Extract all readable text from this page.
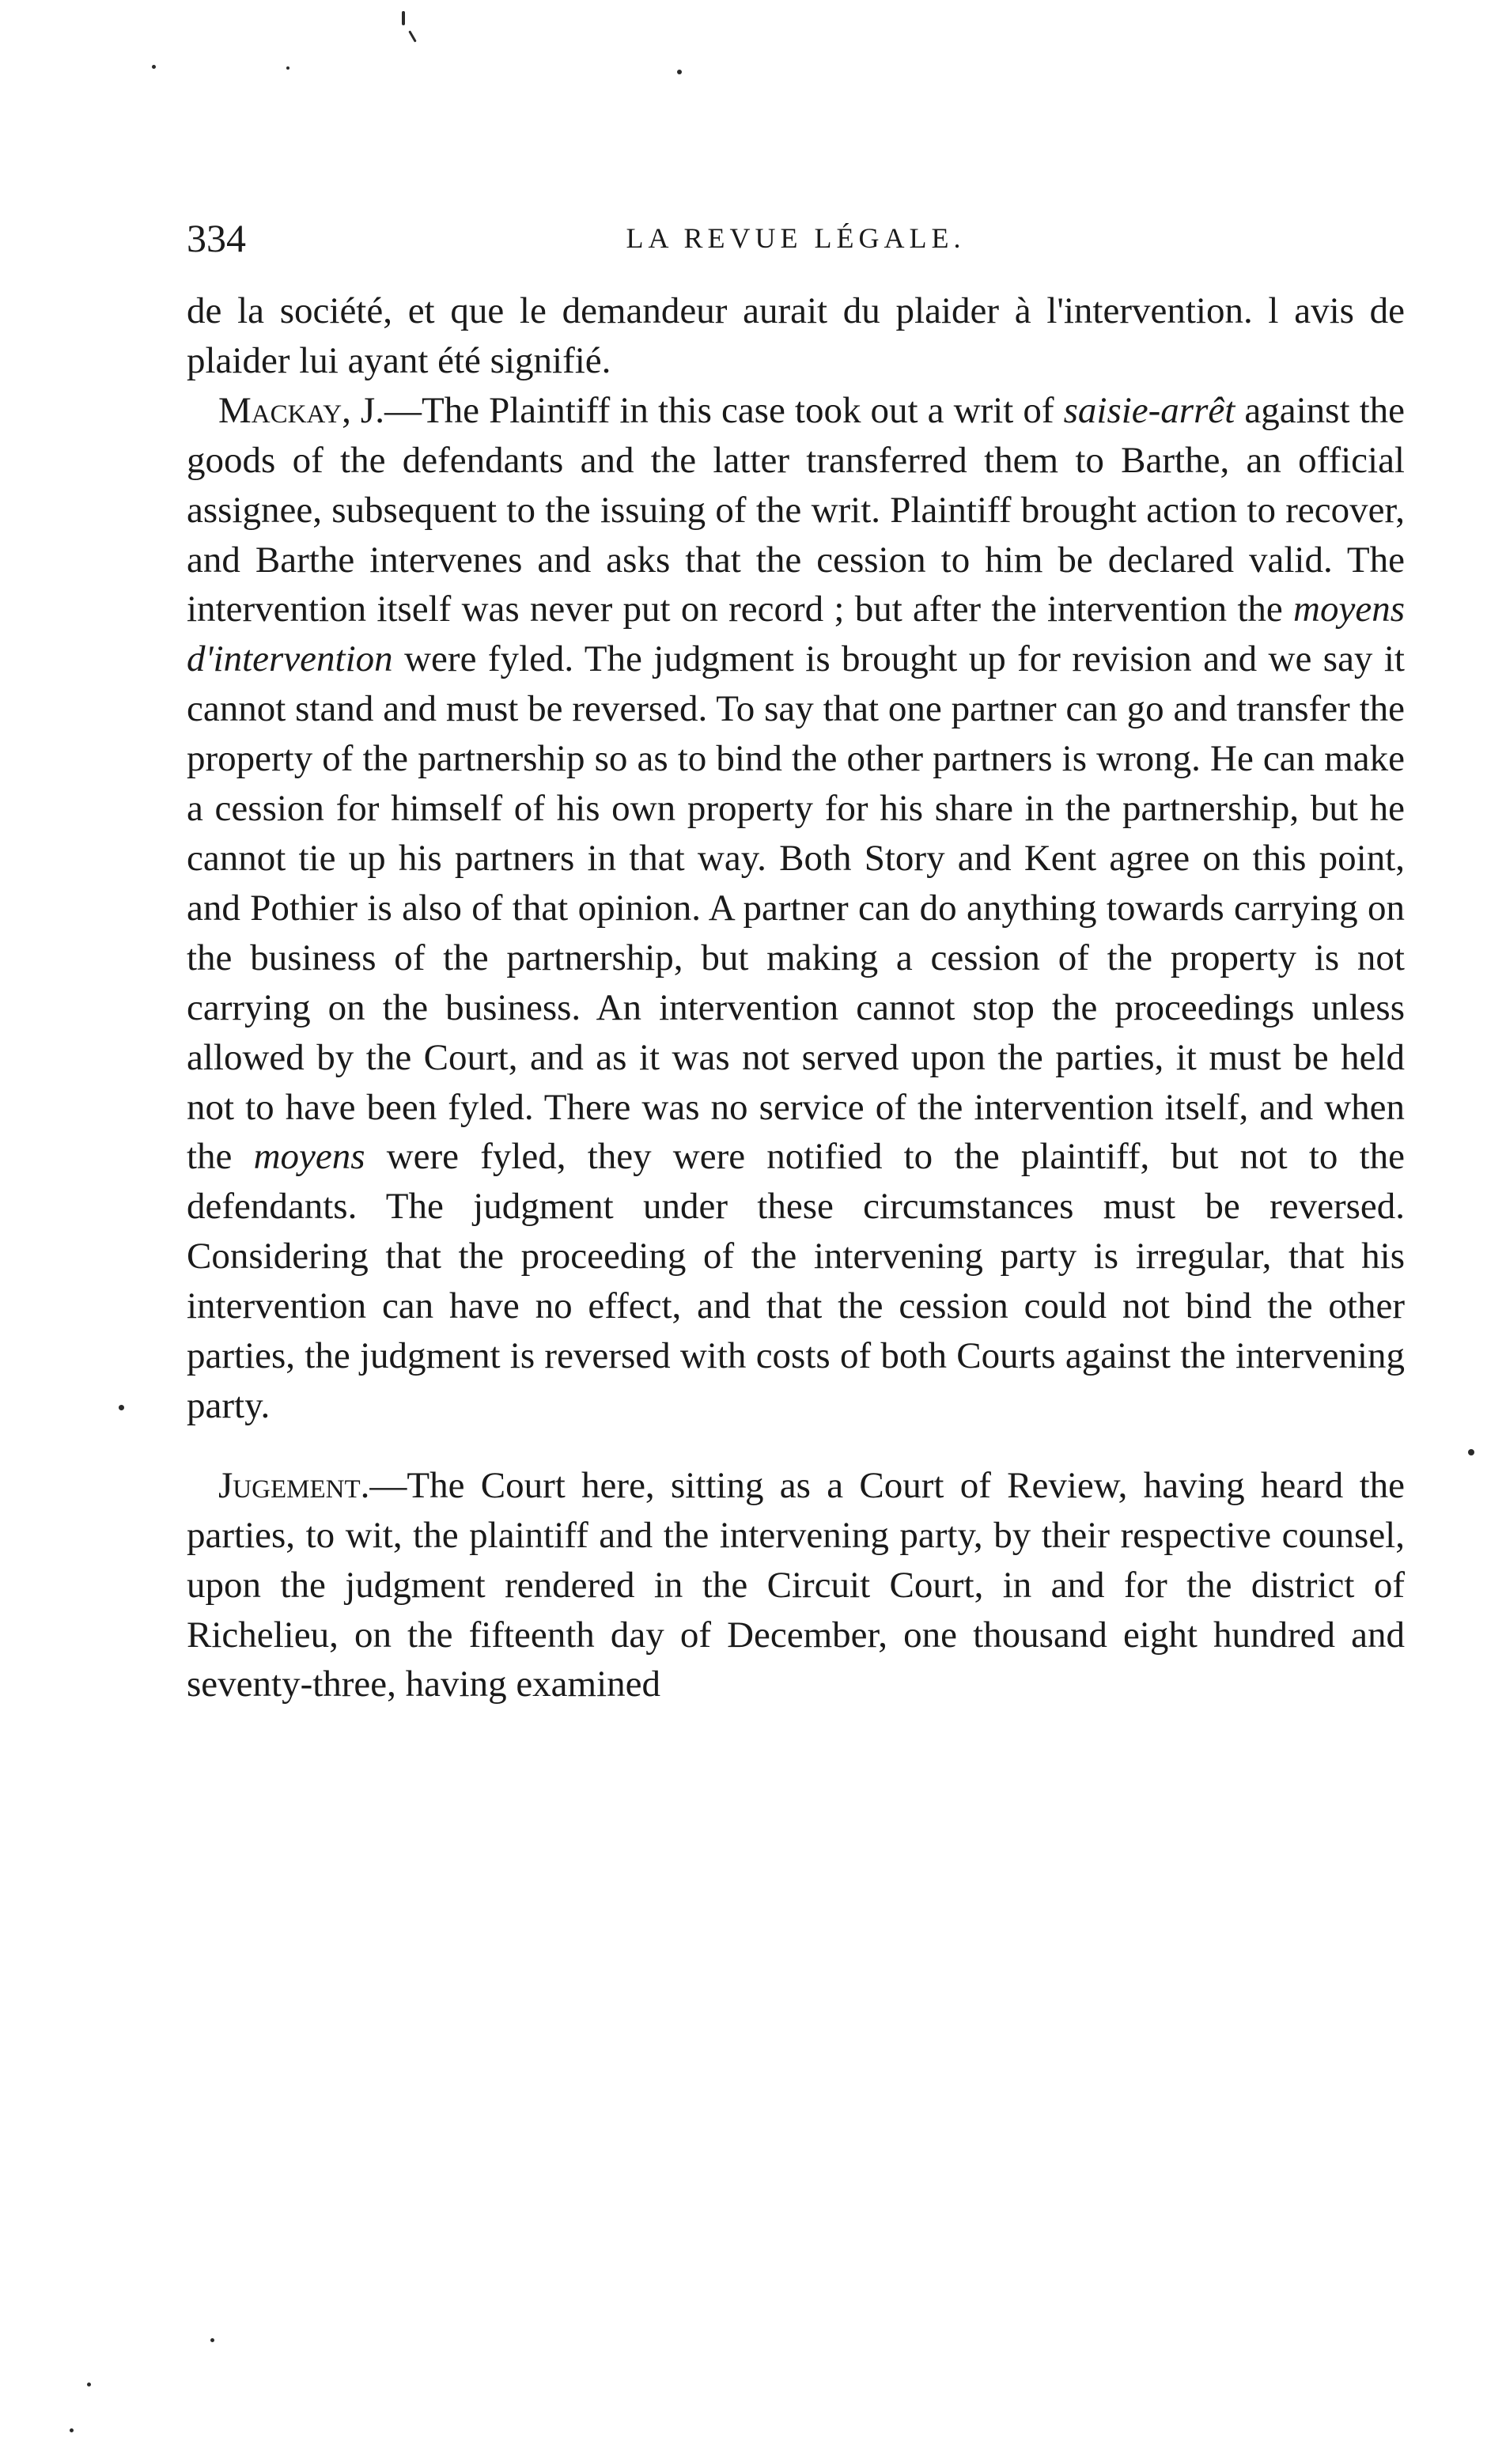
334	LA REVUE LÉGALE.

de la société, et que le demandeur aurait du plaider à l'intervention. l avis de plaider lui ayant été signifié.

Mackay, J.—The Plaintiff in this case took out a writ of saisie-arrêt against the goods of the defendants and the latter transferred them to Barthe, an official assignee, subsequent to the issuing of the writ. Plaintiff brought action to recover, and Barthe intervenes and asks that the cession to him be declared valid. The intervention itself was never put on record ; but after the intervention the moyens d'intervention were fyled. The judgment is brought up for revision and we say it cannot stand and must be reversed. To say that one partner can go and transfer the property of the partnership so as to bind the other partners is wrong. He can make a cession for himself of his own property for his share in the partnership, but he cannot tie up his partners in that way. Both Story and Kent agree on this point, and Pothier is also of that opinion. A partner can do anything towards carrying on the business of the partnership, but making a cession of the property is not carrying on the business. An intervention cannot stop the proceedings unless allowed by the Court, and as it was not served upon the parties, it must be held not to have been fyled. There was no service of the intervention itself, and when the moyens were fyled, they were notified to the plaintiff, but not to the defendants. The judgment under these circumstances must be reversed. Considering that the proceeding of the intervening party is irregular, that his intervention can have no effect, and that the cession could not bind the other parties, the judgment is reversed with costs of both Courts against the intervening party.

Jugement.—The Court here, sitting as a Court of Review, having heard the parties, to wit, the plaintiff and the intervening party, by their respective counsel, upon the judgment rendered in the Circuit Court, in and for the district of Richelieu, on the fifteenth day of December, one thousand eight hundred and seventy-three, having examined
